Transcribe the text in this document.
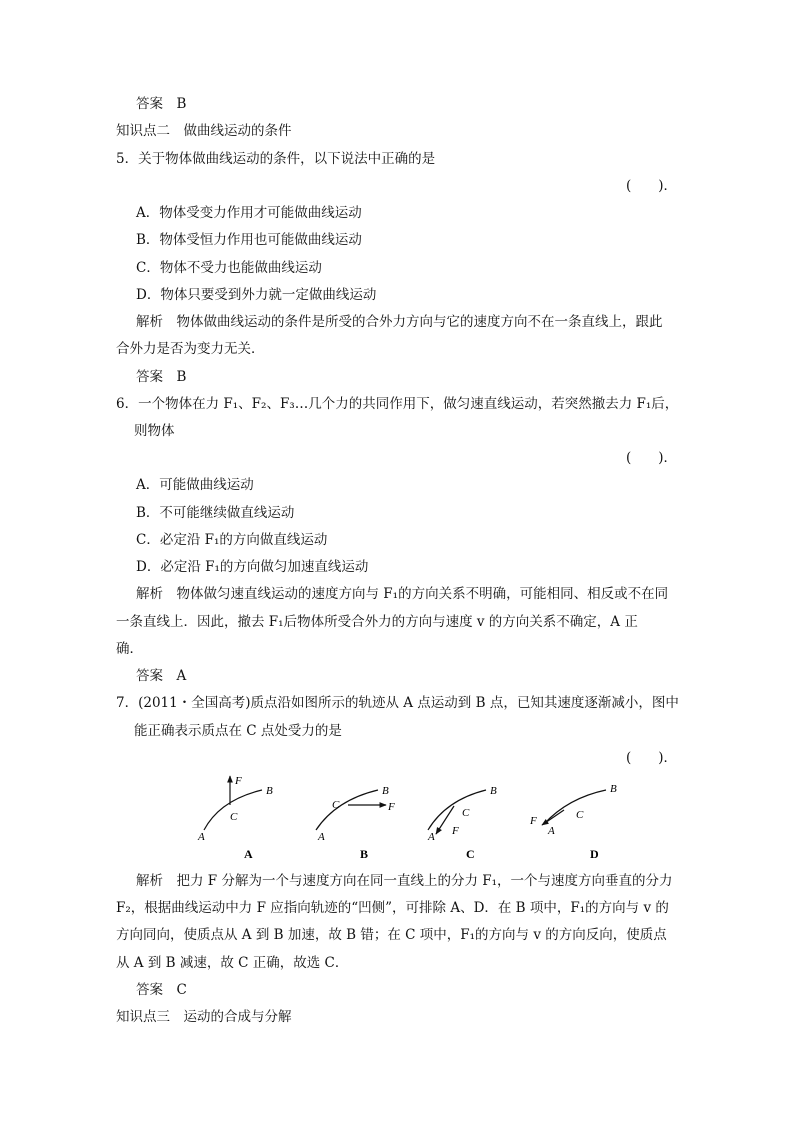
答案　B
知识点二　做曲线运动的条件
5．关于物体做曲线运动的条件，以下说法中正确的是
(　　)．
A．物体受变力作用才可能做曲线运动
B．物体受恒力作用也可能做曲线运动
C．物体不受力也能做曲线运动
D．物体只要受到外力就一定做曲线运动
解析　物体做曲线运动的条件是所受的合外力方向与它的速度方向不在一条直线上，跟此
合外力是否为变力无关．
答案　B
6．一个物体在力 F₁、F₂、F₃…几个力的共同作用下，做匀速直线运动，若突然撤去力 F₁后，
则物体
(　　)．
A．可能做曲线运动
B．不可能继续做直线运动
C．必定沿 F₁的方向做直线运动
D．必定沿 F₁的方向做匀加速直线运动
解析　物体做匀速直线运动的速度方向与 F₁的方向关系不明确，可能相同、相反或不在同
一条直线上．因此，撤去 F₁后物体所受合外力的方向与速度 v 的方向关系不确定，A 正
确．
答案　A
7．(2011・全国高考)质点沿如图所示的轨迹从 A 点运动到 B 点，已知其速度逐渐减小，图中
能正确表示质点在 C 点处受力的是
(　　)．
A
B
C
F
A
A
B
C	F
B
A
B
C
F
C
F
B
C
A
D
解析　把力 F 分解为一个与速度方向在同一直线上的分力 F₁，一个与速度方向垂直的分力
F₂，根据曲线运动中力 F 应指向轨迹的“凹侧”，可排除 A、D．在 B 项中，F₁的方向与 v 的
方向同向，使质点从 A 到 B 加速，故 B 错；在 C 项中，F₁的方向与 v 的方向反向，使质点
从 A 到 B 减速，故 C 正确，故选 C．
答案　C
知识点三　运动的合成与分解
